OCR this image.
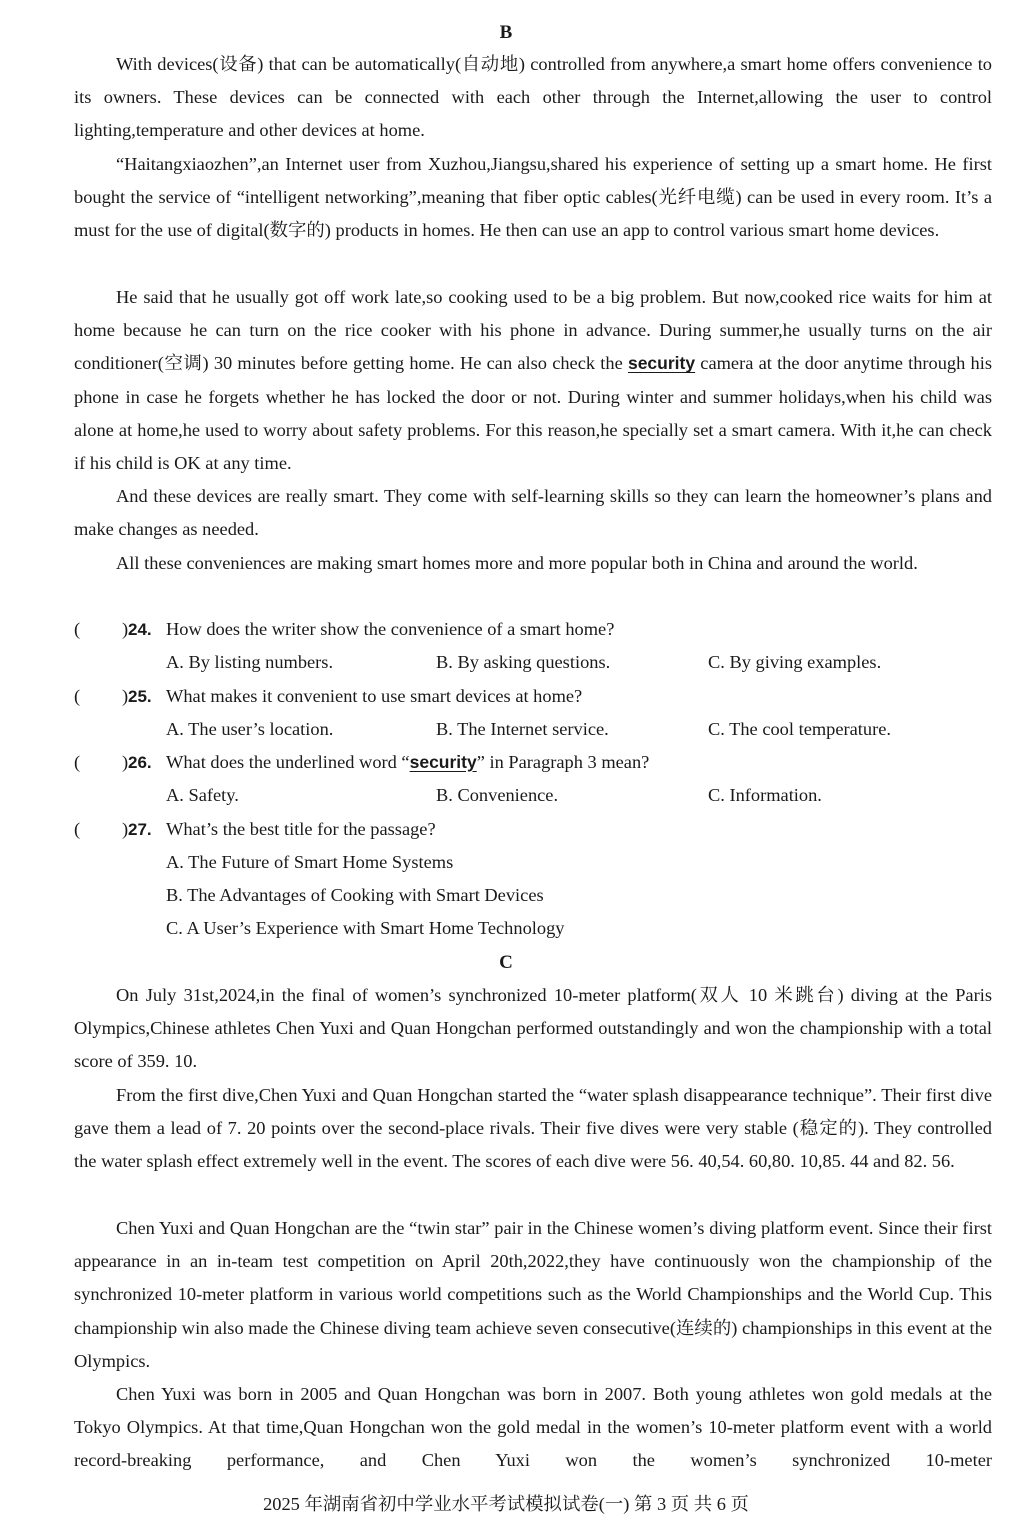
B

With devices(设备) that can be automatically(自动地) controlled from anywhere,a smart home offers convenience to its owners. These devices can be connected with each other through the Internet,allowing the user to control lighting,temperature and other devices at home.

“Haitangxiaozhen”,an Internet user from Xuzhou,Jiangsu,shared his experience of setting up a smart home. He first bought the service of “intelligent networking”,meaning that fiber optic cables(光纤电缆) can be used in every room. It’s a must for the use of digital(数字的) products in homes. He then can use an app to control various smart home devices.

He said that he usually got off work late,so cooking used to be a big problem. But now,cooked rice waits for him at home because he can turn on the rice cooker with his phone in advance. During summer,he usually turns on the air conditioner(空调) 30 minutes before getting home. He can also check the security camera at the door anytime through his phone in case he forgets whether he has locked the door or not. During winter and summer holidays,when his child was alone at home,he used to worry about safety problems. For this reason,he specially set a smart camera. With it,he can check if his child is OK at any time.

And these devices are really smart. They come with self-learning skills so they can learn the homeowner’s plans and make changes as needed.

All these conveniences are making smart homes more and more popular both in China and around the world.

( ) 24. How does the writer show the convenience of a smart home?
A. By listing numbers.	B. By asking questions.	C. By giving examples.
( ) 25. What makes it convenient to use smart devices at home?
A. The user’s location.	B. The Internet service.	C. The cool temperature.
( ) 26. What does the underlined word “security” in Paragraph 3 mean?
A. Safety.	B. Convenience.	C. Information.
( ) 27. What’s the best title for the passage?
A. The Future of Smart Home Systems
B. The Advantages of Cooking with Smart Devices
C. A User’s Experience with Smart Home Technology
C

On July 31st,2024,in the final of women’s synchronized 10-meter platform(双人 10 米跳台) diving at the Paris Olympics,Chinese athletes Chen Yuxi and Quan Hongchan performed outstandingly and won the championship with a total score of 359. 10.

From the first dive,Chen Yuxi and Quan Hongchan started the “water splash disappearance technique”. Their first dive gave them a lead of 7. 20 points over the second-place rivals. Their five dives were very stable (稳定的). They controlled the water splash effect extremely well in the event. The scores of each dive were 56. 40,54. 60,80. 10,85. 44 and 82. 56.

Chen Yuxi and Quan Hongchan are the “twin star” pair in the Chinese women’s diving platform event. Since their first appearance in an in-team test competition on April 20th,2022,they have continuously won the championship of the synchronized 10-meter platform in various world competitions such as the World Championships and the World Cup. This championship win also made the Chinese diving team achieve seven consecutive(连续的) championships in this event at the Olympics.

Chen Yuxi was born in 2005 and Quan Hongchan was born in 2007. Both young athletes won gold medals at the Tokyo Olympics. At that time,Quan Hongchan won the gold medal in the women’s 10-meter platform event with a world record-breaking performance, and Chen Yuxi won the women’s synchronized 10-meter

2025 年湖南省初中学业水平考试模拟试卷(一) 第 3 页 共 6 页
